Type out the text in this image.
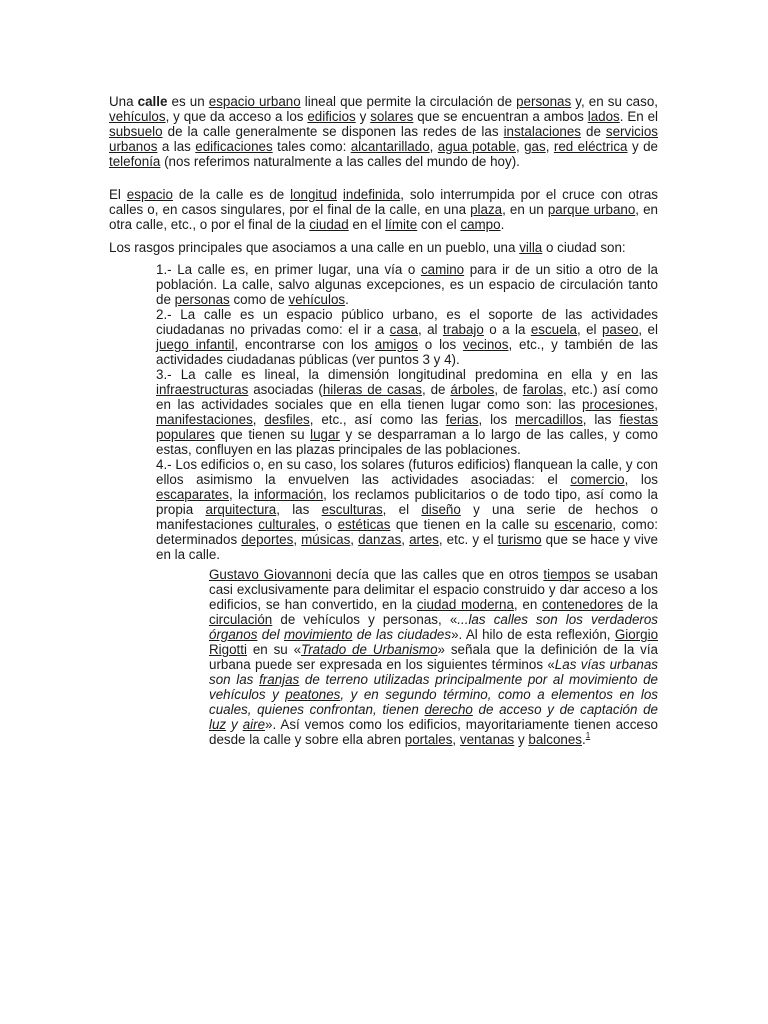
Una calle es un espacio urbano lineal que permite la circulación de personas y, en su caso, vehículos, y que da acceso a los edificios y solares que se encuentran a ambos lados. En el subsuelo de la calle generalmente se disponen las redes de las instalaciones de servicios urbanos a las edificaciones tales como: alcantarillado, agua potable, gas, red eléctrica y de telefonía (nos referimos naturalmente a las calles del mundo de hoy).

El espacio de la calle es de longitud indefinida, solo interrumpida por el cruce con otras calles o, en casos singulares, por el final de la calle, en una plaza, en un parque urbano, en otra calle, etc., o por el final de la ciudad en el límite con el campo.

Los rasgos principales que asociamos a una calle en un pueblo, una villa o ciudad son:

1.- La calle es, en primer lugar, una vía o camino para ir de un sitio a otro de la población. La calle, salvo algunas excepciones, es un espacio de circulación tanto de personas como de vehículos.

2.- La calle es un espacio público urbano, es el soporte de las actividades ciudadanas no privadas como: el ir a casa, al trabajo o a la escuela, el paseo, el juego infantil, encontrarse con los amigos o los vecinos, etc., y también de las actividades ciudadanas públicas (ver puntos 3 y 4).

3.- La calle es lineal, la dimensión longitudinal predomina en ella y en las infraestructuras asociadas (hileras de casas, de árboles, de farolas, etc.) así como en las actividades sociales que en ella tienen lugar como son: las procesiones, manifestaciones, desfiles, etc., así como las ferias, los mercadillos, las fiestas populares que tienen su lugar y se desparraman a lo largo de las calles, y como estas, confluyen en las plazas principales de las poblaciones.

4.- Los edificios o, en su caso, los solares (futuros edificios) flanquean la calle, y con ellos asimismo la envuelven las actividades asociadas: el comercio, los escaparates, la información, los reclamos publicitarios o de todo tipo, así como la propia arquitectura, las esculturas, el diseño y una serie de hechos o manifestaciones culturales, o estéticas que tienen en la calle su escenario, como: determinados deportes, músicas, danzas, artes, etc. y el turismo que se hace y vive en la calle.

Gustavo Giovannoni decía que las calles que en otros tiempos se usaban casi exclusivamente para delimitar el espacio construido y dar acceso a los edificios, se han convertido, en la ciudad moderna, en contenedores de la circulación de vehículos y personas, «...las calles son los verdaderos órganos del movimiento de las ciudades». Al hilo de esta reflexión, Giorgio Rigotti en su «Tratado de Urbanismo» señala que la definición de la vía urbana puede ser expresada en los siguientes términos «Las vías urbanas son las franjas de terreno utilizadas principalmente por al movimiento de vehículos y peatones, y en segundo término, como a elementos en los cuales, quienes confrontan, tienen derecho de acceso y de captación de luz y aire». Así vemos como los edificios, mayoritariamente tienen acceso desde la calle y sobre ella abren portales, ventanas y balcones.$^1$
